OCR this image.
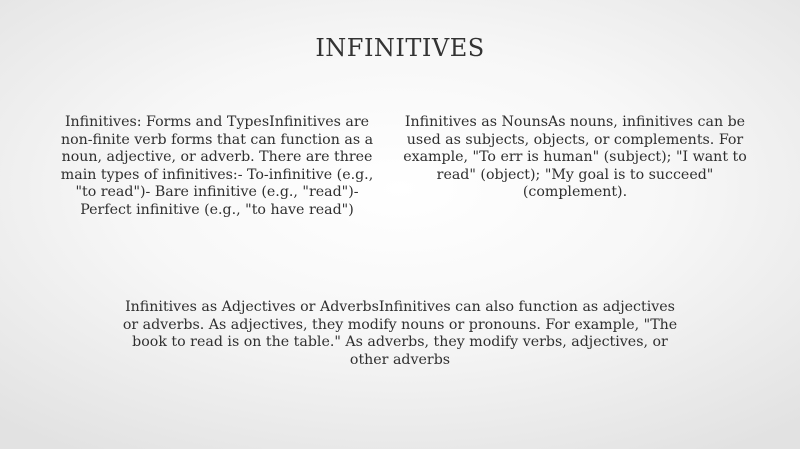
INFINITIVES

Infinitives: Forms and TypesInfinitives are non-finite verb forms that can function as a noun, adjective, or adverb. There are three main types of infinitives:- To-infinitive (e.g., "to read")- Bare infinitive (e.g., "read")- Perfect infinitive (e.g., "to have read")

Infinitives as NounsAs nouns, infinitives can be used as subjects, objects, or complements. For example, "To err is human" (subject); "I want to read" (object); "My goal is to succeed" (complement).

Infinitives as Adjectives or AdverbsInfinitives can also function as adjectives or adverbs. As adjectives, they modify nouns or pronouns. For example, "The book to read is on the table." As adverbs, they modify verbs, adjectives, or other adverbs
